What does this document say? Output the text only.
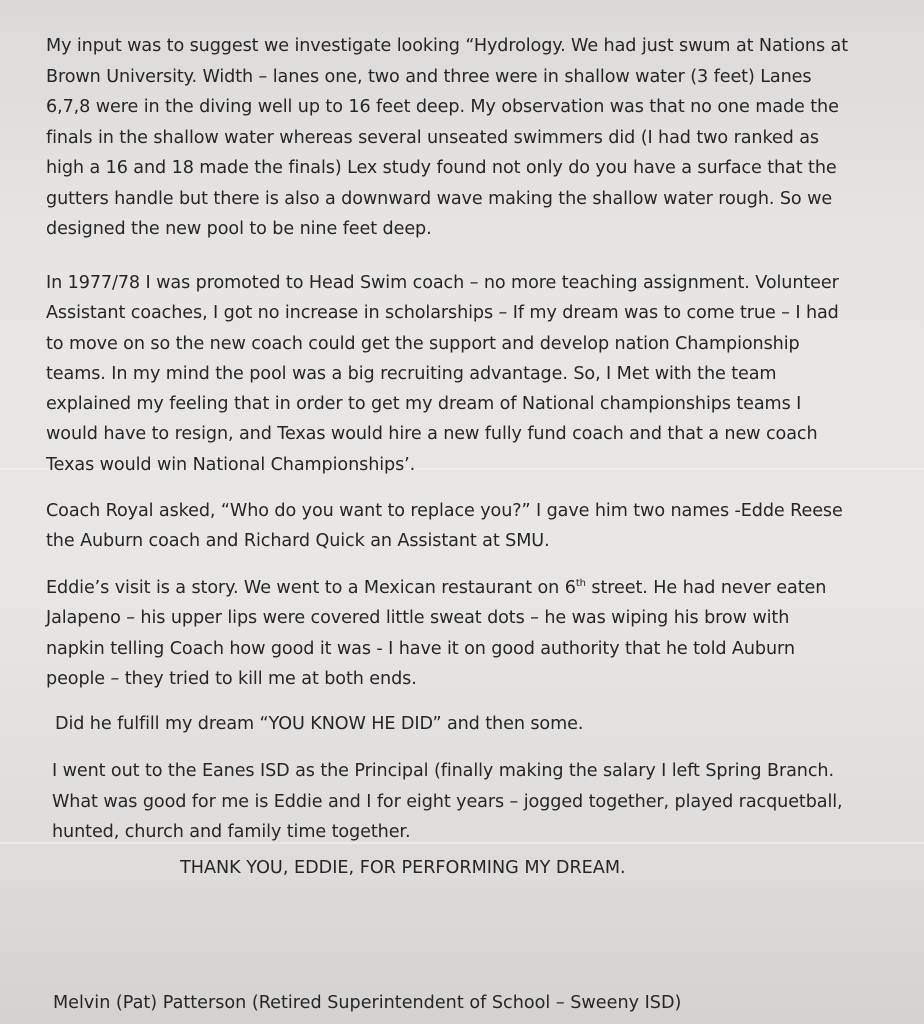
My input was to suggest we investigate looking “Hydrology. We had just swum at Nations at
Brown University. Width – lanes one, two and three were in shallow water (3 feet) Lanes
6,7,8 were in the diving well up to 16 feet deep. My observation was that no one made the
finals in the shallow water whereas several unseated swimmers did (I had two ranked as
high a 16 and 18 made the finals) Lex study found not only do you have a surface that the
gutters handle but there is also a downward wave making the shallow water rough. So we
designed the new pool to be nine feet deep.
In 1977/78 I was promoted to Head Swim coach – no more teaching assignment. Volunteer
Assistant coaches, I got no increase in scholarships – If my dream was to come true – I had
to move on so the new coach could get the support and develop nation Championship
teams. In my mind the pool was a big recruiting advantage. So, I Met with the team
explained my feeling that in order to get my dream of National championships teams I
would have to resign, and Texas would hire a new fully fund coach and that a new coach
Texas would win National Championships’.
Coach Royal asked, “Who do you want to replace you?” I gave him two names -Edde Reese
the Auburn coach and Richard Quick an Assistant at SMU.
Eddie’s visit is a story. We went to a Mexican restaurant on 6th street. He had never eaten
Jalapeno – his upper lips were covered little sweat dots – he was wiping his brow with
napkin telling Coach how good it was - I have it on good authority that he told Auburn
people – they tried to kill me at both ends.
Did he fulfill my dream “YOU KNOW HE DID” and then some.
I went out to the Eanes ISD as the Principal (finally making the salary I left Spring Branch.
What was good for me is Eddie and I for eight years – jogged together, played racquetball,
hunted, church and family time together.
THANK YOU, EDDIE, FOR PERFORMING MY DREAM.
Melvin (Pat) Patterson (Retired Superintendent of School – Sweeny ISD)
